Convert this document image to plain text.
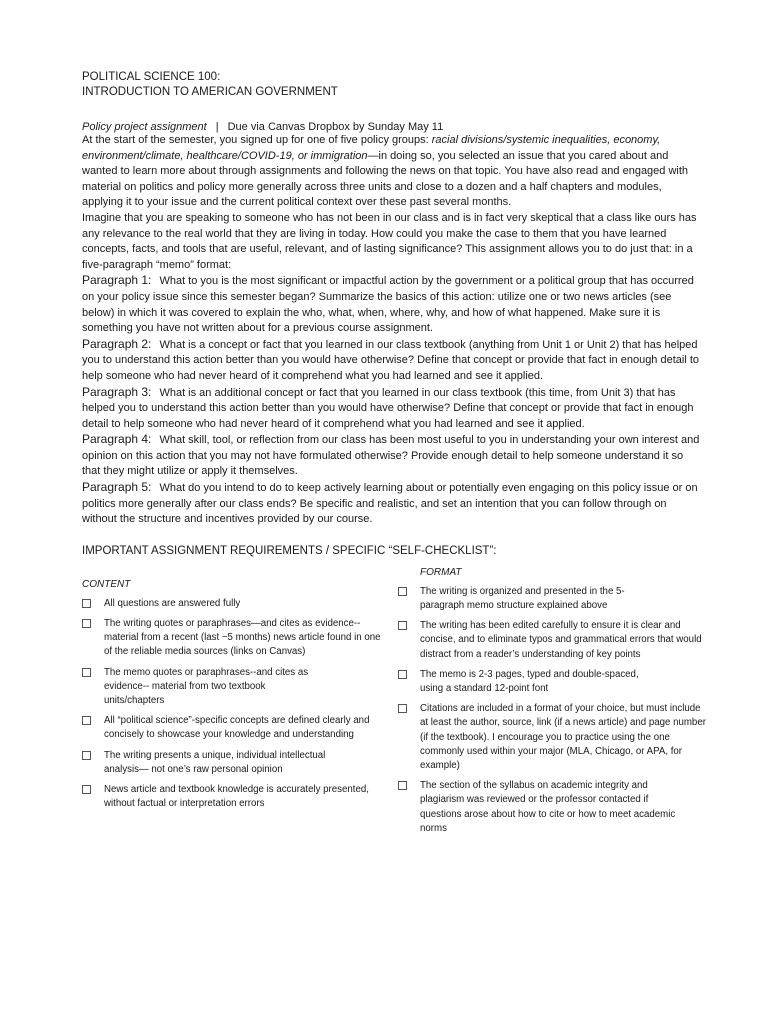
POLITICAL SCIENCE 100:
INTRODUCTION TO AMERICAN GOVERNMENT
Policy project assignment | Due via Canvas Dropbox by Sunday May 11

At the start of the semester, you signed up for one of five policy groups: racial divisions/systemic inequalities, economy, environment/climate, healthcare/COVID-19, or immigration—in doing so, you selected an issue that you cared about and wanted to learn more about through assignments and following the news on that topic. You have also read and engaged with material on politics and policy more generally across three units and close to a dozen and a half chapters and modules, applying it to your issue and the current political context over these past several months.

Imagine that you are speaking to someone who has not been in our class and is in fact very skeptical that a class like ours has any relevance to the real world that they are living in today. How could you make the case to them that you have learned concepts, facts, and tools that are useful, relevant, and of lasting significance? This assignment allows you to do just that: in a five-paragraph “memo” format:

Paragraph 1: What to you is the most significant or impactful action by the government or a political group that has occurred on your policy issue since this semester began? Summarize the basics of this action: utilize one or two news articles (see below) in which it was covered to explain the who, what, when, where, why, and how of what happened. Make sure it is something you have not written about for a previous course assignment.

Paragraph 2: What is a concept or fact that you learned in our class textbook (anything from Unit 1 or Unit 2) that has helped you to understand this action better than you would have otherwise? Define that concept or provide that fact in enough detail to help someone who had never heard of it comprehend what you had learned and see it applied.

Paragraph 3: What is an additional concept or fact that you learned in our class textbook (this time, from Unit 3) that has helped you to understand this action better than you would have otherwise? Define that concept or provide that fact in enough detail to help someone who had never heard of it comprehend what you had learned and see it applied.

Paragraph 4: What skill, tool, or reflection from our class has been most useful to you in understanding your own interest and opinion on this action that you may not have formulated otherwise? Provide enough detail to help someone understand it so that they might utilize or apply it themselves.

Paragraph 5: What do you intend to do to keep actively learning about or potentially even engaging on this policy issue or on politics more generally after our class ends? Be specific and realistic, and set an intention that you can follow through on without the structure and incentives provided by our course.

IMPORTANT ASSIGNMENT REQUIREMENTS / SPECIFIC “SELF-CHECKLIST”:
CONTENT
All questions are answered fully
The writing quotes or paraphrases—and cites as evidence--material from a recent (last ~5 months) news article found in one of the reliable media sources (links on Canvas)
The memo quotes or paraphrases--and cites as evidence-- material from two textbook units/chapters
All “political science”-specific concepts are defined clearly and concisely to showcase your knowledge and understanding
The writing presents a unique, individual intellectual analysis— not one’s raw personal opinion
News article and textbook knowledge is accurately presented, without factual or interpretation errors
FORMAT
The writing is organized and presented in the 5-paragraph memo structure explained above
The writing has been edited carefully to ensure it is clear and concise, and to eliminate typos and grammatical errors that would distract from a reader’s understanding of key points
The memo is 2-3 pages, typed and double-spaced, using a standard 12-point font
Citations are included in a format of your choice, but must include at least the author, source, link (if a news article) and page number (if the textbook). I encourage you to practice using the one commonly used within your major (MLA, Chicago, or APA, for example)
The section of the syllabus on academic integrity and plagiarism was reviewed or the professor contacted if questions arose about how to cite or how to meet academic norms
